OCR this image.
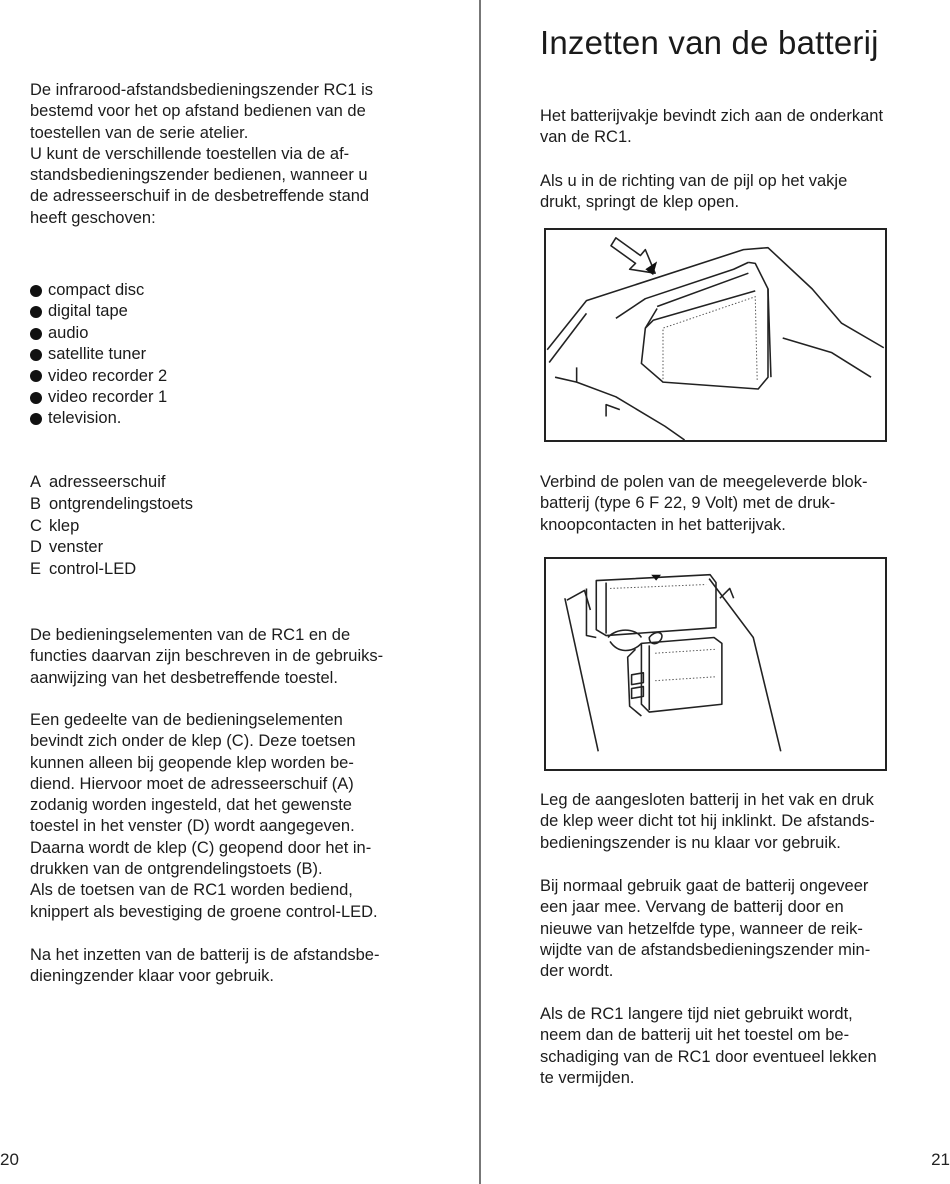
De infrarood-afstandsbedieningszender RC1 is
bestemd voor het op afstand bedienen van de
toestellen van de serie atelier.
U kunt de verschillende toestellen via de af-
standsbedieningszender bedienen, wanneer u
de adresseerschuif in de desbetreffende stand
heeft geschoven:

compact disc
digital tape
audio
satellite tuner
video recorder 2
video recorder 1
television.
A adresseerschuif
B ontgrendelingstoets
C klep
D venster
E control-LED

De bedieningselementen van de RC1 en de
functies daarvan zijn beschreven in de gebruiks-
aanwijzing van het desbetreffende toestel.

Een gedeelte van de bedieningselementen
bevindt zich onder de klep (C). Deze toetsen
kunnen alleen bij geopende klep worden be-
diend. Hiervoor moet de adresseerschuif (A)
zodanig worden ingesteld, dat het gewenste
toestel in het venster (D) wordt aangegeven.
Daarna wordt de klep (C) geopend door het in-
drukken van de ontgrendelingstoets (B).
Als de toetsen van de RC1 worden bediend,
knippert als bevestiging de groene control-LED.

Na het inzetten van de batterij is de afstandsbe-
dieningzender klaar voor gebruik.

20
Inzetten van de batterij

Het batterijvakje bevindt zich aan de onderkant
van de RC1.

Als u in de richting van de pijl op het vakje
drukt, springt de klep open.

Verbind de polen van de meegeleverde blok-
batterij (type 6 F 22, 9 Volt) met de druk-
knoopcontacten in het batterijvak.

Leg de aangesloten batterij in het vak en druk
de klep weer dicht tot hij inklinkt. De afstands-
bedieningszender is nu klaar vor gebruik.

Bij normaal gebruik gaat de batterij ongeveer
een jaar mee. Vervang de batterij door en
nieuwe van hetzelfde type, wanneer de reik-
wijdte van de afstandsbedieningszender min-
der wordt.

Als de RC1 langere tijd niet gebruikt wordt,
neem dan de batterij uit het toestel om be-
schadiging van de RC1 door eventueel lekken
te vermijden.

21
